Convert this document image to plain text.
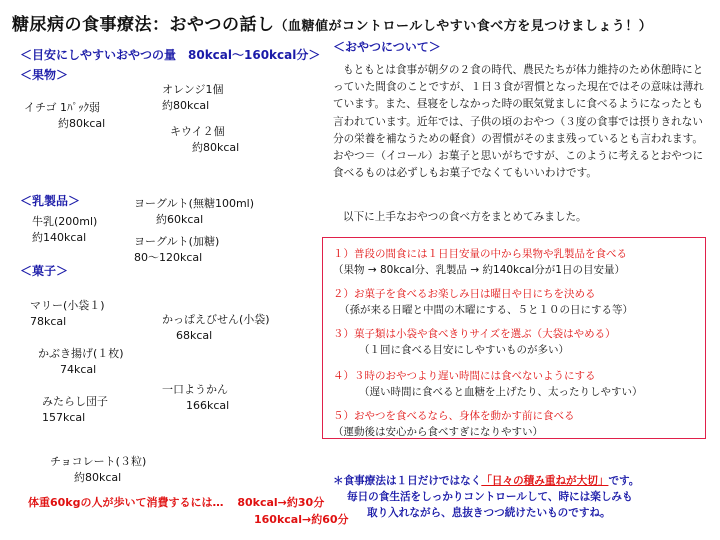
糖尿病の食事療法：おやつの話し（血糖値がコントロールしやすい食べ方を見つけましょう！）
＜目安にしやすいおやつの量　80kcal〜160kcal分＞
＜果物＞
イチゴ 1ﾊﾟｯｸ弱
約80kcal
オレンジ1個
約80kcal
キウイ２個
約80kcal
＜乳製品＞
牛乳(200ml)
約140kcal
ヨーグルト(無糖100ml)
約60kcal
ヨーグルト(加糖)
80〜120kcal
＜菓子＞
マリー(小袋１)
78kcal	かっぱえびせん(小袋)
68kcal
かぶき揚げ(１枚)
74kcal
一口ようかん
166kcal
みたらし団子
157kcal
チョコレート(３粒)
約80kcal
体重60kgの人が歩いて消費するには… 80kcal→約30分
160kcal→約60分
＜おやつについて＞
もともとは食事が朝夕の２食の時代、農民たちが体力維持のため休憩時にとっていた間食のことですが、１日３食が習慣となった現在ではその意味は薄れています。また、昼寝をしなかった時の眠気覚ましに食べるようになったとも言われています。近年では、子供の頃のおやつ（３度の食事では摂りきれない分の栄養を補なうための軽食）の習慣がそのまま残っているとも言われます。おやつ＝（イコール）お菓子と思いがちですが、このように考えるとおやつに食べるものは必ずしもお菓子でなくてもいいわけです。
以下に上手なおやつの食べ方をまとめてみました。
１）普段の間食には１日目安量の中から果物や乳製品を食べる
（果物 → 80kcal分、乳製品 → 約140kcal分が1日の目安量）
２）お菓子を食べるお楽しみ日は曜日や日にちを決める
（孫が来る日曜と中間の木曜にする、５と１０の日にする等）
３）菓子類は小袋や食べきりサイズを選ぶ（大袋はやめる）
（１回に食べる目安にしやすいものが多い）
４）３時のおやつより遅い時間には食べないようにする
（遅い時間に食べると血糖を上げたり、太ったりしやすい）
５）おやつを食べるなら、身体を動かす前に食べる
（運動後は安心から食べすぎになりやすい）
＊食事療法は１日だけではなく「日々の積み重ねが大切」です。
毎日の食生活をしっかりコントロールして、時には楽しみも
取り入れながら、息抜きつつ続けたいものですね。
